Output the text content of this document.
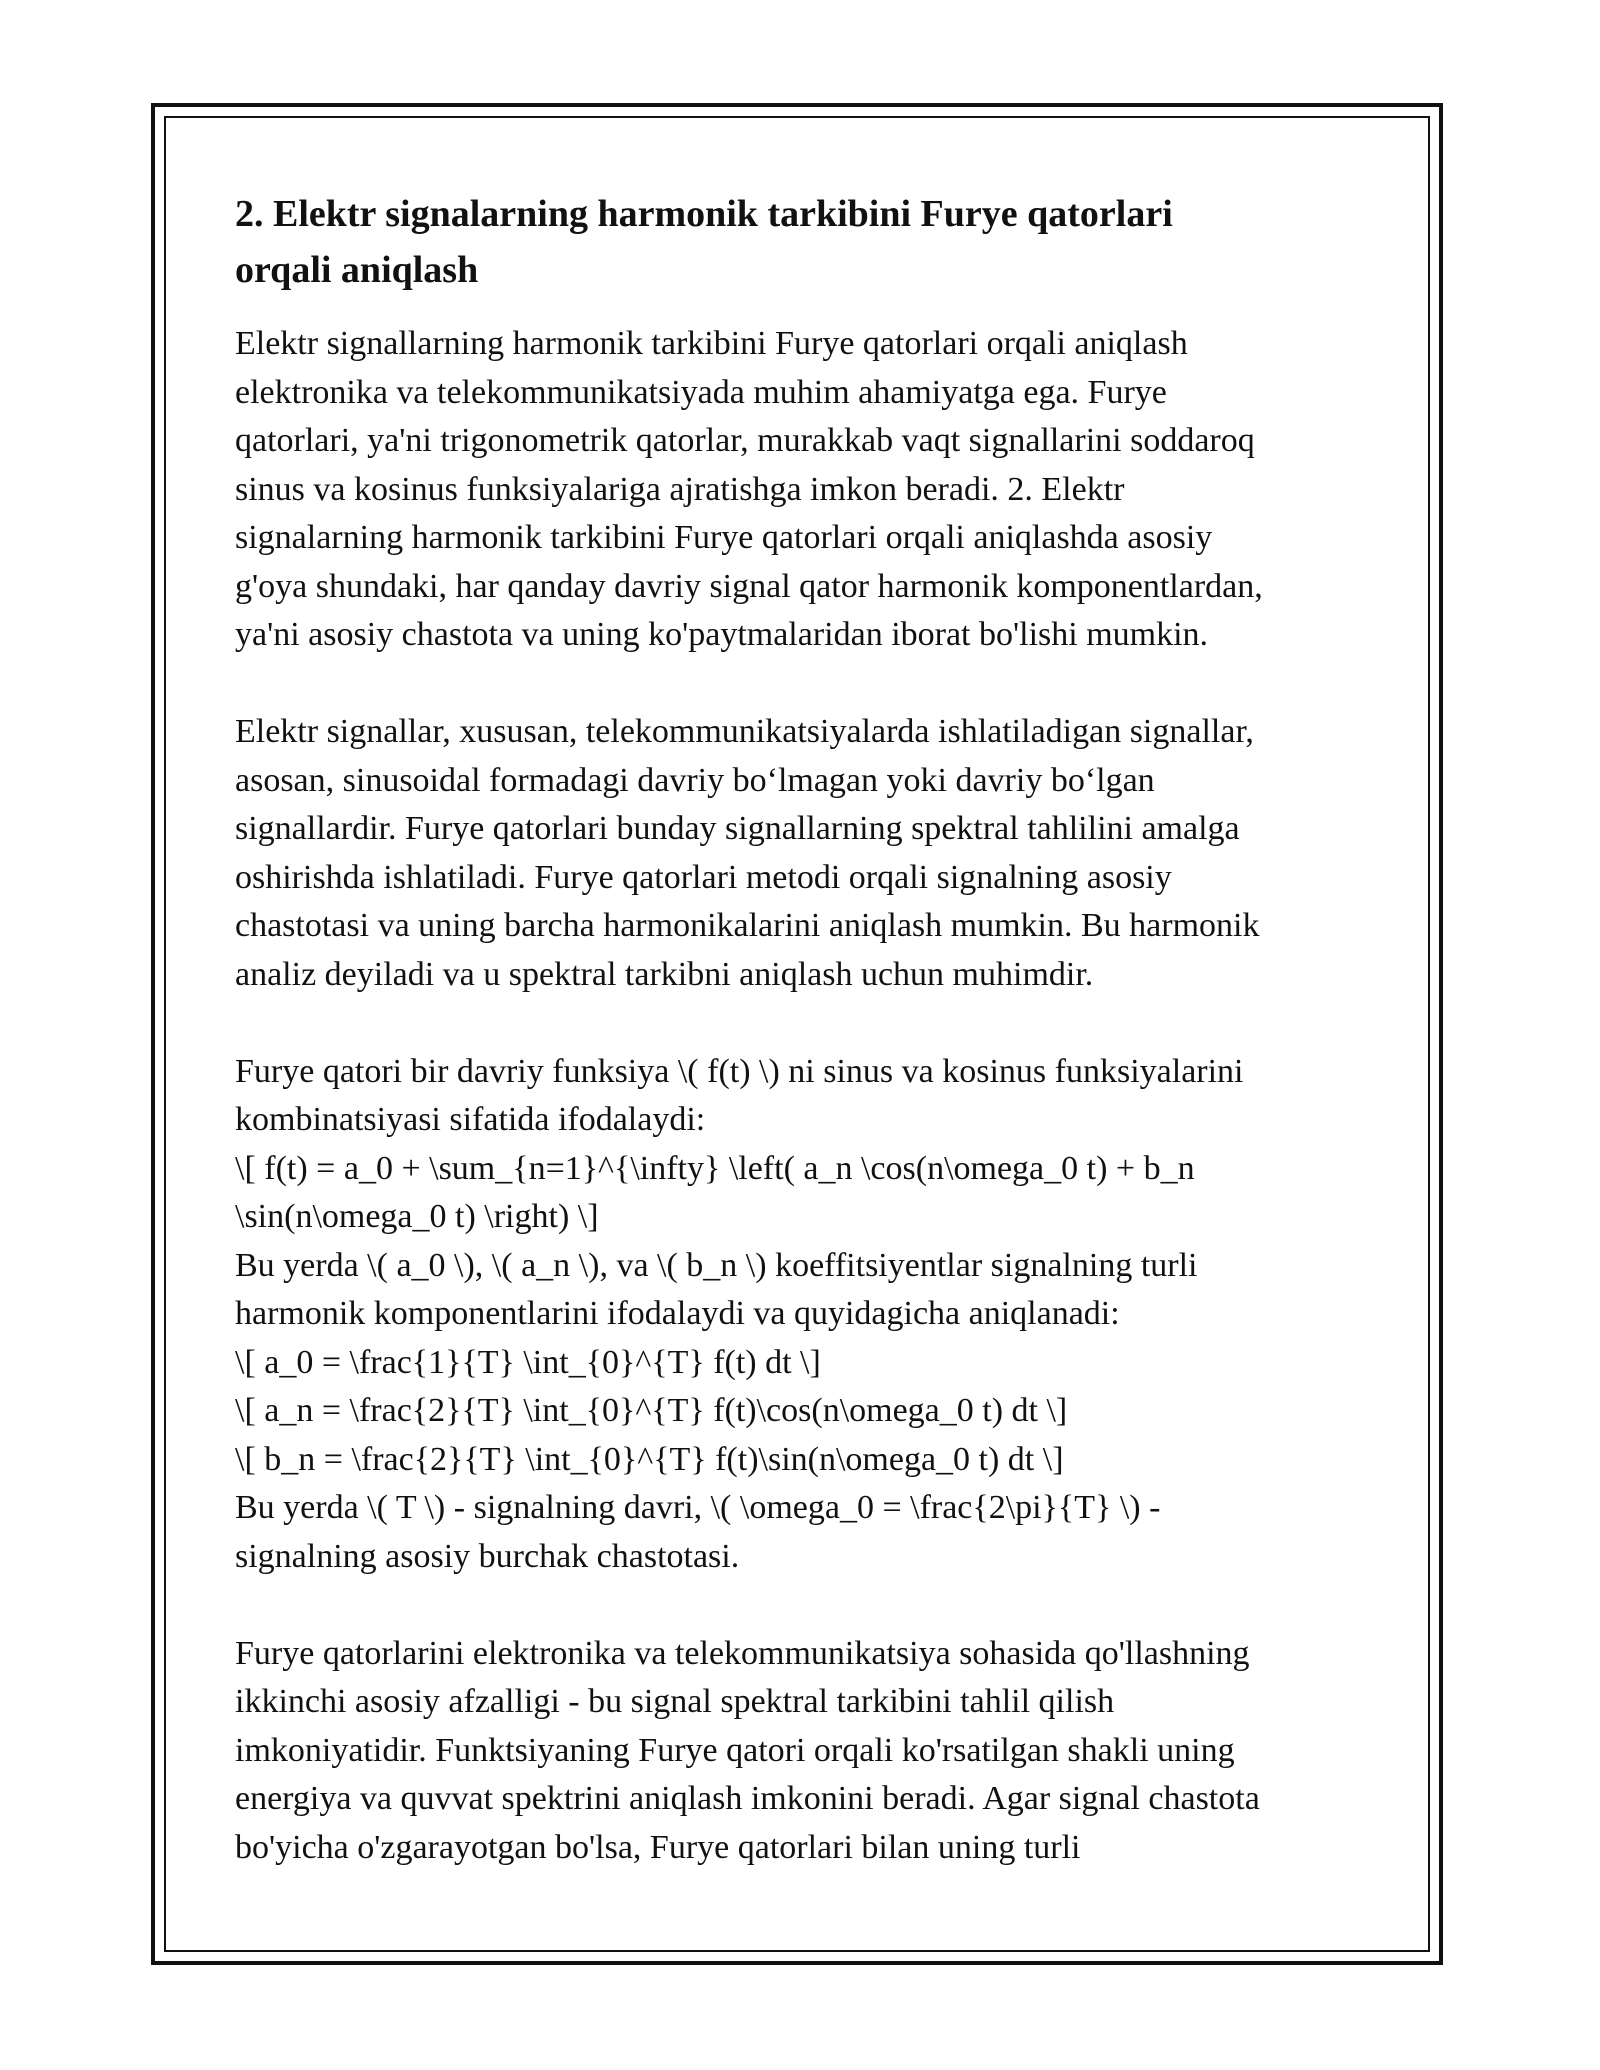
2. Elektr signalarning harmonik tarkibini Furye qatorlari
orqali aniqlash

Elektr signallarning harmonik tarkibini Furye qatorlari orqali aniqlash
elektronika va telekommunikatsiyada muhim ahamiyatga ega. Furye
qatorlari, ya'ni trigonometrik qatorlar, murakkab vaqt signallarini soddaroq
sinus va kosinus funksiyalariga ajratishga imkon beradi. 2. Elektr
signalarning harmonik tarkibini Furye qatorlari orqali aniqlashda asosiy
g'oya shundaki, har qanday davriy signal qator harmonik komponentlardan,
ya'ni asosiy chastota va uning ko'paytmalaridan iborat bo'lishi mumkin.

Elektr signallar, xususan, telekommunikatsiyalarda ishlatiladigan signallar,
asosan, sinusoidal formadagi davriy bo‘lmagan yoki davriy bo‘lgan
signallardir. Furye qatorlari bunday signallarning spektral tahlilini amalga
oshirishda ishlatiladi. Furye qatorlari metodi orqali signalning asosiy
chastotasi va uning barcha harmonikalarini aniqlash mumkin. Bu harmonik
analiz deyiladi va u spektral tarkibni aniqlash uchun muhimdir.

Furye qatori bir davriy funksiya \( f(t) \) ni sinus va kosinus funksiyalarini
kombinatsiyasi sifatida ifodalaydi:
\[ f(t) = a_0 + \sum_{n=1}^{\infty} \left( a_n \cos(n\omega_0 t) + b_n
\sin(n\omega_0 t) \right) \]
Bu yerda \( a_0 \), \( a_n \), va \( b_n \) koeffitsiyentlar signalning turli
harmonik komponentlarini ifodalaydi va quyidagicha aniqlanadi:
\[ a_0 = \frac{1}{T} \int_{0}^{T} f(t) dt \]
\[ a_n = \frac{2}{T} \int_{0}^{T} f(t)\cos(n\omega_0 t) dt \]
\[ b_n = \frac{2}{T} \int_{0}^{T} f(t)\sin(n\omega_0 t) dt \]
Bu yerda \( T \) - signalning davri, \( \omega_0 = \frac{2\pi}{T} \) -
signalning asosiy burchak chastotasi.

Furye qatorlarini elektronika va telekommunikatsiya sohasida qo'llashning
ikkinchi asosiy afzalligi - bu signal spektral tarkibini tahlil qilish
imkoniyatidir. Funktsiyaning Furye qatori orqali ko'rsatilgan shakli uning
energiya va quvvat spektrini aniqlash imkonini beradi. Agar signal chastota
bo'yicha o'zgarayotgan bo'lsa, Furye qatorlari bilan uning turli
